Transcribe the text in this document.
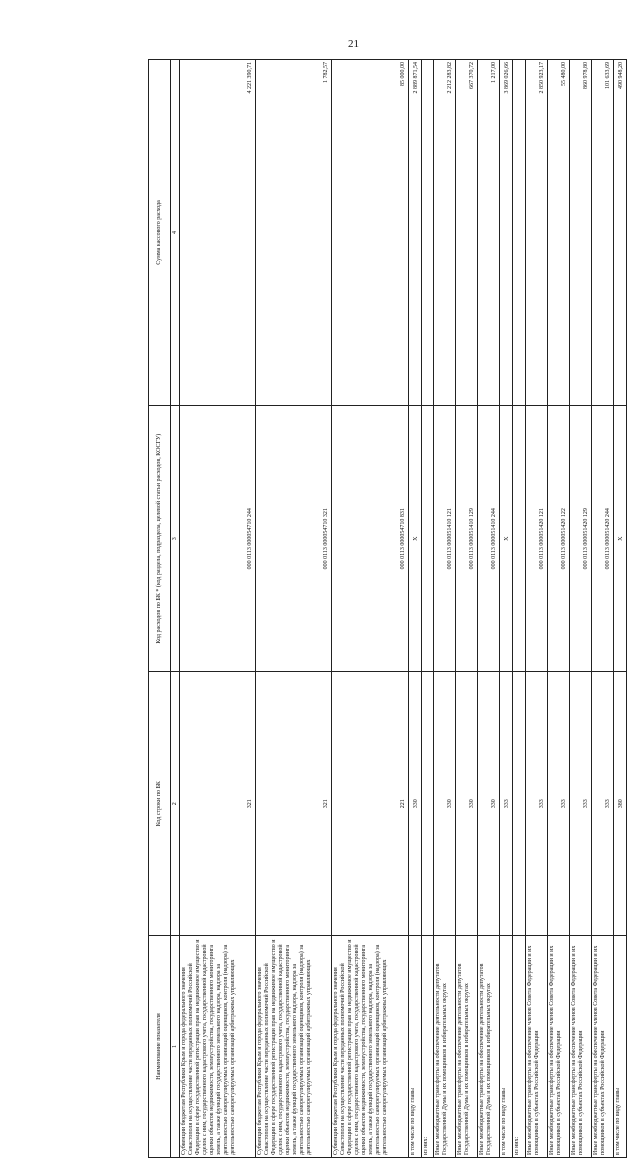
21
Наименование показателя	Код строки по БК	Код расходов по БК * (код раздела, подраздела, целевой статьи расходов, КОСГУ)	Сумма кассового расхода
1	2	3	4
Субвенции бюджетам Республики Крым и города федерального значения Севастополя на осуществление части переданных полномочий Российской Федерации в сфере государственной регистрации прав на недвижимое имущество и сделок с ним, государственного кадастрового учета, государственной кадастровой оценки объектов недвижимости, землеустройства, государственного мониторинга земель, а также функций государственного земельного надзора, надзора за деятельностью саморегулируемых организаций оценщиков, контроля (надзора) за деятельностью саморегулируемых организаций арбитражных управляющих	321	000 0113 000054710 244	4 221 390,71
Субвенции бюджетам Республики Крым и города федерального значения Севастополя на осуществление части переданных полномочий Российской Федерации в сфере государственной регистрации прав на недвижимое имущество и сделок с ним, государственного кадастрового учета, государственной кадастровой оценки объектов недвижимости, землеустройства, государственного мониторинга земель, а также функций государственного земельного надзора, надзора за деятельностью саморегулируемых организаций оценщиков, контроля (надзора) за деятельностью саморегулируемых организаций арбитражных управляющих	321	000 0113 000054710 321	1 782,57
Субвенции бюджетам Республики Крым и города федерального значения Севастополя на осуществление части переданных полномочий Российской Федерации в сфере государственной регистрации прав на недвижимое имущество и сделок с ним, государственного кадастрового учета, государственной кадастровой оценки объектов недвижимости, землеустройства, государственного мониторинга земель, а также функций государственного земельного надзора, надзора за деятельностью саморегулируемых организаций оценщиков, контроля (надзора) за деятельностью саморегулируемых организаций арбитражных управляющих	221	000 0113 000054710 831	85 000,00
в том числе по виду главы	330	X	2 889 871,54
из них:			
Иные межбюджетные трансферты на обеспечение деятельности депутатов Государственной Думы и их помощников в избирательных округах	330	000 0113 000051410 121	2 212 283,82
Иные межбюджетные трансферты на обеспечение деятельности депутатов Государственной Думы и их помощников в избирательных округах	330	000 0113 000051410 129	667 370,72
Иные межбюджетные трансферты на обеспечение деятельности депутатов Государственной Думы и их помощников в избирательных округах	330	000 0113 000051410 244	1 217,00
в том числе по виду главы	333	X	3 869 026,66
из них:			
Иные межбюджетные трансферты на обеспечение членов Совета Федерации и их помощников в субъектах Российской Федерации	333	000 0113 000051420 121	2 850 923,17
Иные межбюджетные трансферты на обеспечение членов Совета Федерации и их помощников в субъектах Российской Федерации	333	000 0113 000051420 122	55 480,00
Иные межбюджетные трансферты на обеспечение членов Совета Федерации и их помощников в субъектах Российской Федерации	333	000 0113 000051420 129	860 978,80
Иные межбюджетные трансферты на обеспечение членов Совета Федерации и их помощников в субъектах Российской Федерации	333	000 0113 000051420 244	101 633,69
в том числе по виду главы	380	X	490 948,20
